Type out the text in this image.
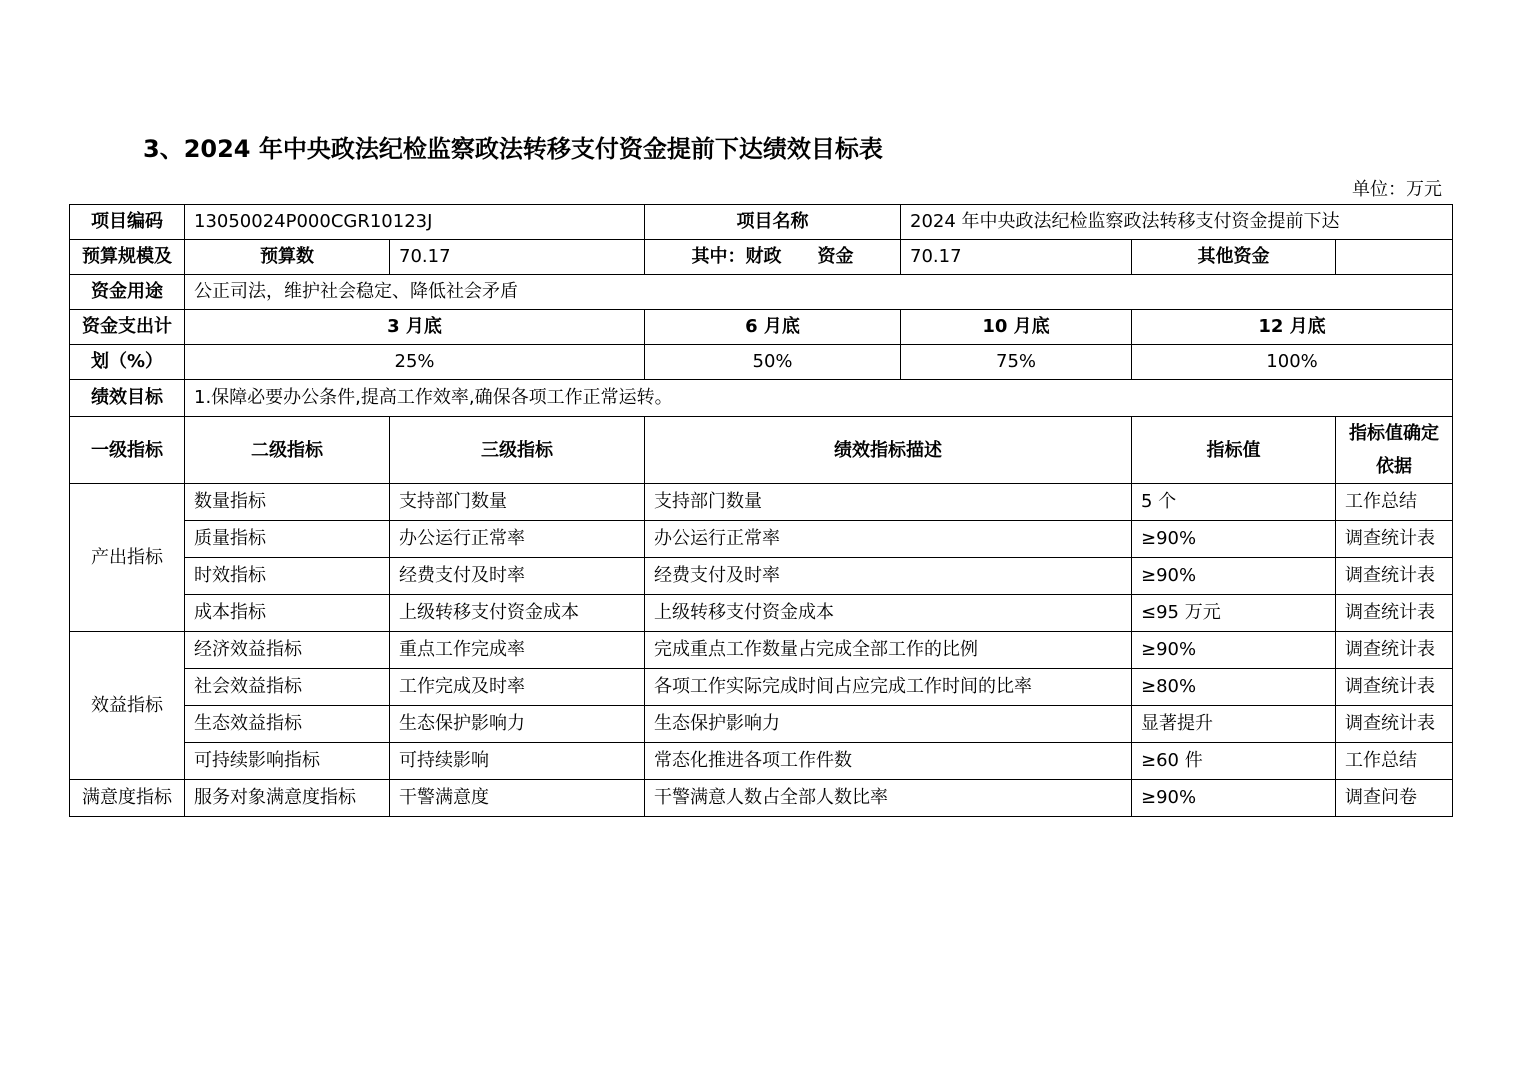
3、2024 年中央政法纪检监察政法转移支付资金提前下达绩效目标表
单位：万元
项目编码	13050024P000CGR10123J		项目名称	2024 年中央政法纪检监察政法转移支付资金提前下达		
预算规模及	预算数	70.17	其中：财政　　资金	70.17	其他资金	
资金用途	公正司法，维护社会稳定、降低社会矛盾					
资金支出计	3 月底		6 月底	10 月底	12 月底	
划（%）	25%		50%	75%	100%	
绩效目标	1.保障必要办公条件,提高工作效率,确保各项工作正常运转。					
一级指标	二级指标	三级指标	绩效指标描述		指标值	指标值确定
依据

产出指标	数量指标	支持部门数量	支持部门数量		5 个	工作总结
	质量指标	办公运行正常率	办公运行正常率		≥90%	调查统计表
	时效指标	经费支付及时率	经费支付及时率		≥90%	调查统计表
	成本指标	上级转移支付资金成本	上级转移支付资金成本		≤95 万元	调查统计表
效益指标	经济效益指标	重点工作完成率	完成重点工作数量占完成全部工作的比例		≥90%	调查统计表
	社会效益指标	工作完成及时率	各项工作实际完成时间占应完成工作时间的比率		≥80%	调查统计表
	生态效益指标	生态保护影响力	生态保护影响力		显著提升	调查统计表
	可持续影响指标	可持续影响	常态化推进各项工作件数		≥60 件	工作总结
满意度指标	服务对象满意度指标	干警满意度	干警满意人数占全部人数比率		≥90%	调查问卷
